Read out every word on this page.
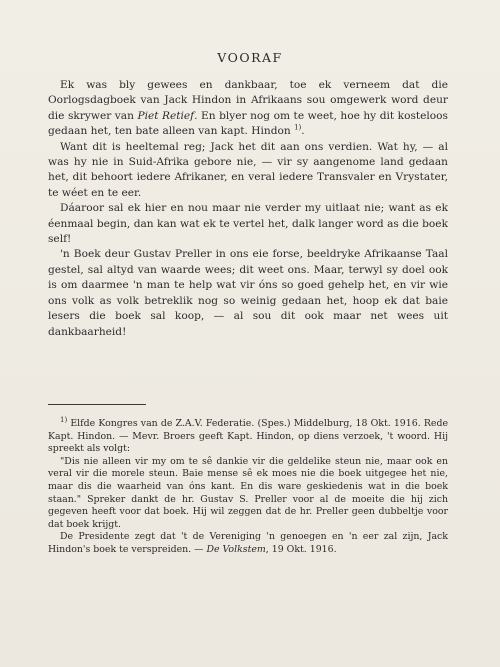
VOORAF

Ek was bly gewees en dankbaar, toe ek verneem dat die Oorlogsdagboek van Jack Hindon in Afrikaans sou omgewerk word deur die skrywer van Piet Retief. En blyer nog om te weet, hoe hy dit kosteloos gedaan het, ten bate alleen van kapt. Hindon $^{1)}$.

Want dit is heeltemal reg; Jack het dit aan ons verdien. Wat hy, — al was hy nie in Suid-Afrika gebore nie, — vir sy aangenome land gedaan het, dit behoort iedere Afrikaner, en veral iedere Transvaler en Vrystater, te wéet en te eer.

Dáaroor sal ek hier en nou maar nie verder my uitlaat nie; want as ek éenmaal begin, dan kan wat ek te vertel het, dalk langer word as die boek self!

'n Boek deur Gustav Preller in ons eie forse, beeldryke Afrikaanse Taal gestel, sal altyd van waarde wees; dit weet ons. Maar, terwyl sy doel ook is om daarmee 'n man te help wat vir óns so goed gehelp het, en vir wie ons volk as volk betreklik nog so weinig gedaan het, hoop ek dat baie lesers die boek sal koop, — al sou dit ook maar net wees uit dankbaarheid!

$^{1)}$ Elfde Kongres van de Z.A.V. Federatie. (Spes.) Middelburg, 18 Okt. 1916. Rede Kapt. Hindon. — Mevr. Broers geeft Kapt. Hindon, op diens verzoek, 't woord. Hij spreekt als volgt:

"Dis nie alleen vir my om te sê dankie vir die geldelike steun nie, maar ook en veral vir die morele steun. Baie mense sê ek moes nie die boek uitgegee het nie, maar dis die waarheid van óns kant. En dis ware geskiedenis wat in die boek staan." Spreker dankt de hr. Gustav S. Preller voor al de moeite die hij zich gegeven heeft voor dat boek. Hij wil zeggen dat de hr. Preller geen dubbeltje voor dat boek krijgt.

De Presidente zegt dat 't de Vereniging 'n genoegen en 'n eer zal zijn, Jack Hindon's boek te verspreiden. — De Volkstem, 19 Okt. 1916.
